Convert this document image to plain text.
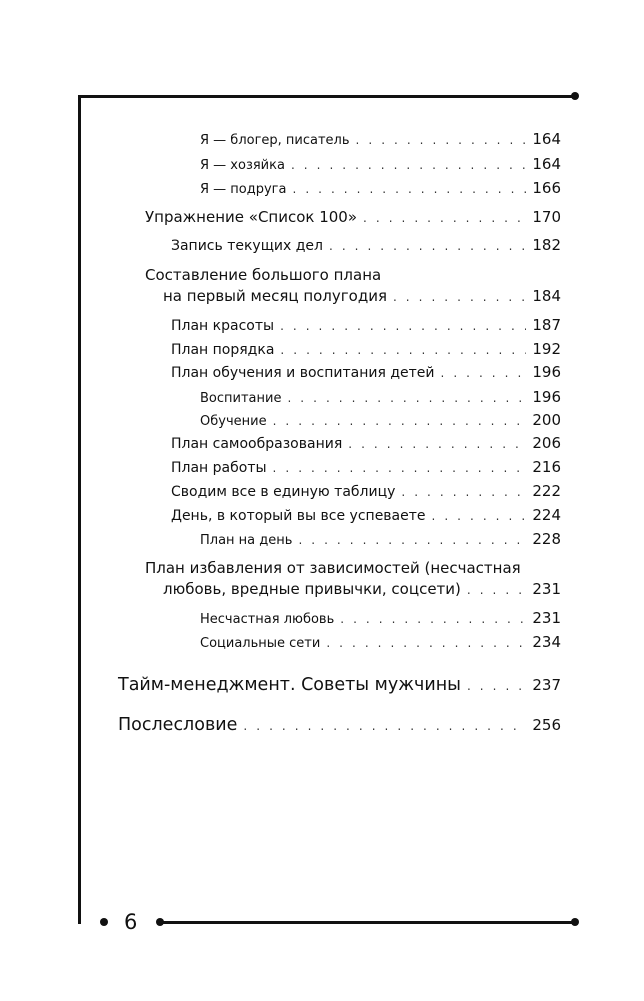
Я — блогер, писатель . . .	164
Я — хозяйка . . .	164
Я — подруга . . .	166
Упражнение «Список 100» . . .	170
Запись текущих дел . . .	182
Составление большого плана
на первый месяц полугодия . . .	184
План красоты . . .	187
План порядка . . .	192
План обучения и воспитания детей . . .	196
Воспитание . . .	196
Обучение . . .	200
План самообразования . . .	206
План работы . . .	216
Сводим все в единую таблицу . . .	222
День, в который вы все успеваете . . .	224
План на день . . .	228
План избавления от зависимостей (несчастная
любовь, вредные привычки, соцсети) . . .	231
Несчастная любовь . . .	231
Социальные сети . . .	234
Тайм-менеджмент. Советы мужчины . . .	237
Послесловие . . .	256
6
